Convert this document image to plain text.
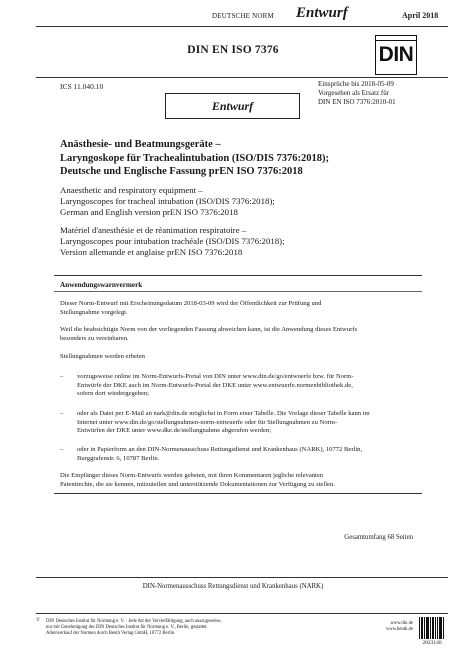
DEUTSCHE NORM Entwurf	April 2018
DIN EN ISO 7376	DIN
ICS 11.040.10	Einsprüche bis 2018-05-09
Vorgesehen als Ersatz für
DIN EN ISO 7376:2010-01
Entwurf
Anästhesie- und Beatmungsgeräte –
Laryngoskope für Trachealintubation (ISO/DIS 7376:2018);
Deutsche und Englische Fassung prEN ISO 7376:2018
Anaesthetic and respiratory equipment –
Laryngoscopes for tracheal intubation (ISO/DIS 7376:2018);
German and English version prEN ISO 7376:2018
Matériel d'anesthésie et de réanimation respiratoire –
Laryngoscopes pour intubation trachéale (ISO/DIS 7376:2018);
Version allemande et anglaise prEN ISO 7376:2018
Anwendungswarnvermerk
Dieser Norm-Entwurf mit Erscheinungsdatum 2018-03-09 wird der Öffentlichkeit zur Prüfung und
Stellungnahme vorgelegt.
Weil die beabsichtigte Norm von der vorliegenden Fassung abweichen kann, ist die Anwendung dieses Entwurfs
besonders zu vereinbaren.
Stellungnahmen werden erbeten
– vorzugsweise online im Norm-Entwurfs-Portal von DIN unter www.din.de/go/entwuerfe bzw. für Norm-
Entwürfe der DKE auch im Norm-Entwurfs-Portal der DKE unter www.entwuerfe.normenbibliothek.de,
sofern dort wiedergegeben;
– oder als Datei per E-Mail an nark@din.de möglichst in Form einer Tabelle. Die Vorlage dieser Tabelle kann im
Internet unter www.din.de/go/stellungnahmen-norm-entwuerfe oder für Stellungnahmen zu Norm-
Entwürfen der DKE unter www.dke.de/stellungnahme abgerufen werden;
– oder in Papierform an den DIN-Normenausschuss Rettungsdienst und Krankenhaus (NARK), 10772 Berlin,
Burggrafenstr. 6, 10787 Berlin.
Die Empfänger dieses Norm-Entwurfs werden gebeten, mit ihren Kommentaren jegliche relevanten
Patentrechte, die sie kennen, mitzuteilen und unterstützende Dokumentationen zur Verfügung zu stellen.
Gesamtumfang 68 Seiten
DIN-Normenausschuss Rettungsdienst und Krankenhaus (NARK)
© DIN Deutsches Institut für Normung e. V. · Jede Art der Vervielfältigung, auch auszugsweise,
nur mit Genehmigung des DIN Deutsches Institut für Normung e. V., Berlin, gestattet.
Alleinverkauf der Normen durch Beuth Verlag GmbH, 10772 Berlin
www.din.de
www.beuth.de
2823140
